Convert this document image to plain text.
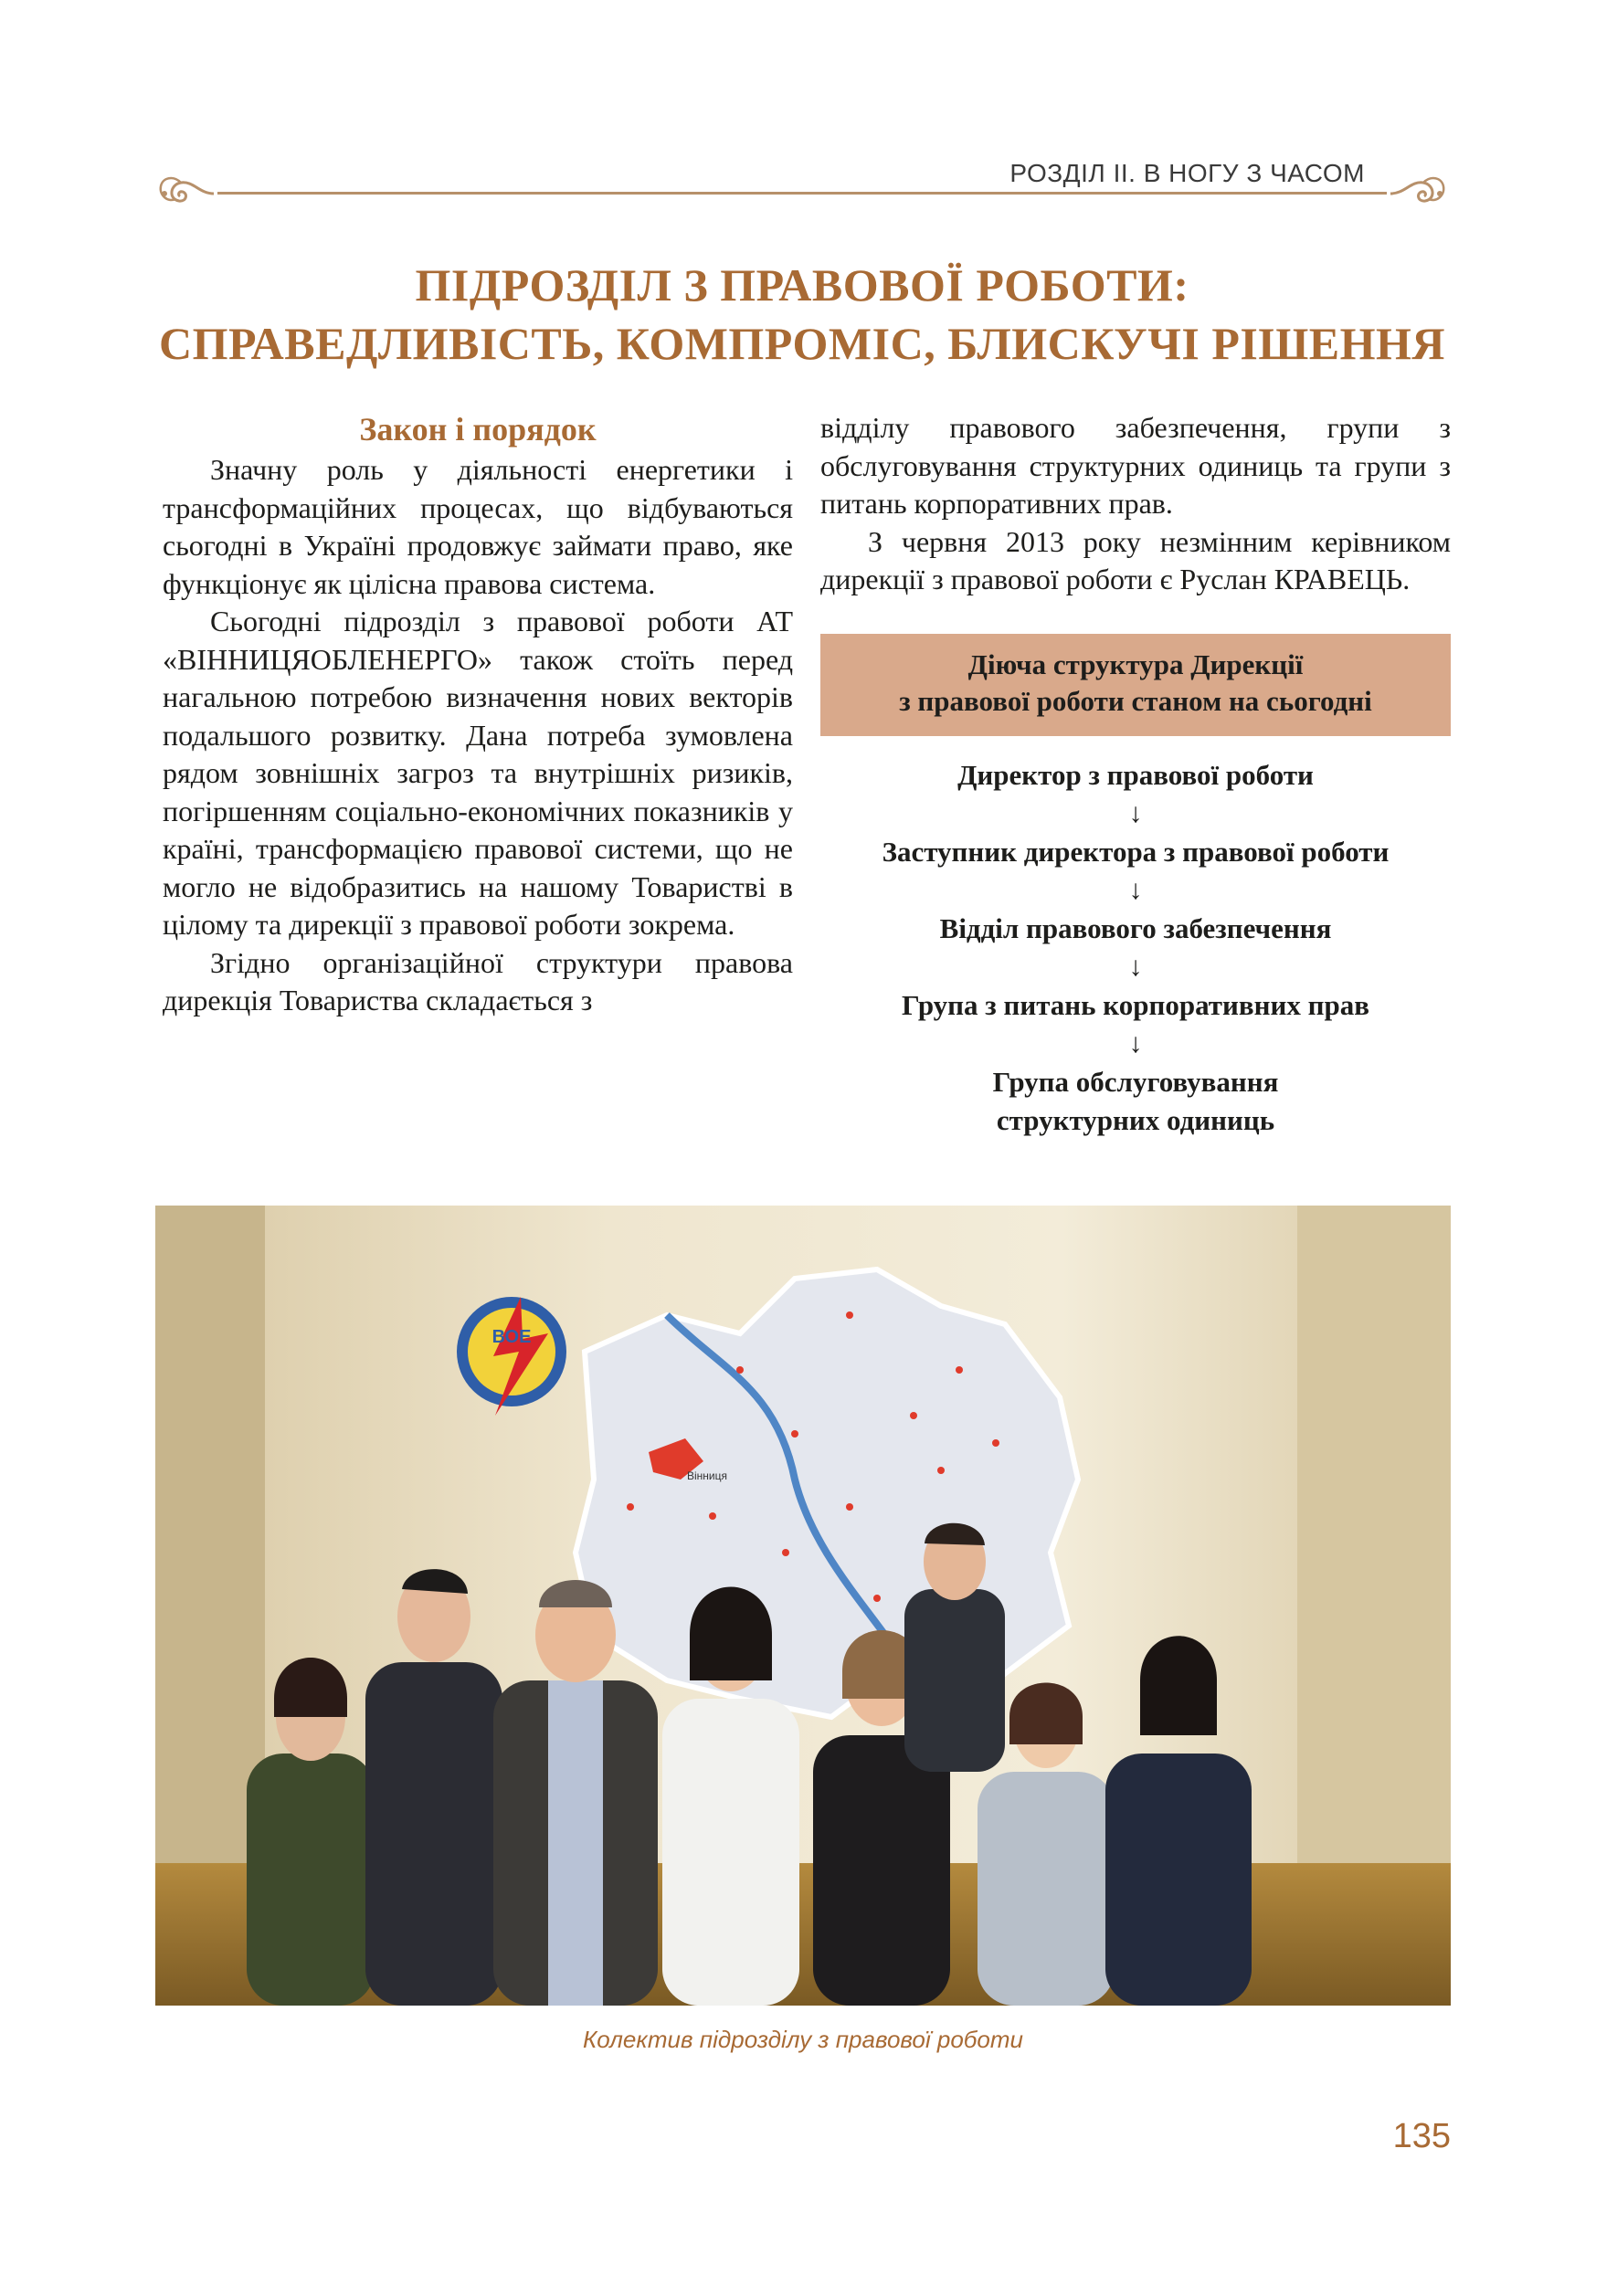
РОЗДІЛ ІІ. В НОГУ З ЧАСОМ
ПІДРОЗДІЛ З ПРАВОВОЇ РОБОТИ:
СПРАВЕДЛИВІСТЬ, КОМПРОМІС, БЛИСКУЧІ РІШЕННЯ
Закон і порядок

Значну роль у діяльності енергетики і трансформаційних процесах, що відбуваються сьогодні в Україні продовжує займати право, яке функціонує як цілісна правова система.

Сьогодні підрозділ з правової роботи АТ «ВІННИЦЯОБЛЕНЕРГО» також стоїть перед нагальною потребою визначення нових векторів подальшого розвитку. Дана потреба зумовлена рядом зовнішніх загроз та внутрішніх ризиків, погіршенням соціально-економічних показників у країні, трансформацією правової системи, що не могло не відобразитись на нашому Товаристві в цілому та дирекції з правової роботи зокрема.

Згідно організаційної структури правова дирекція Товариства складається з

відділу правового забезпечення, групи з обслуговування структурних одиниць та групи з питань корпоративних прав.

З червня 2013 року незмінним керівником дирекції з правової роботи є Руслан КРАВЕЦЬ.

Діюча структура Дирекції
з правової роботи станом на сьогодні
Директор з правової роботи
↓
Заступник директора з правової роботи
↓
Відділ правового забезпечення
↓
Група з питань корпоративних прав
↓
Група обслуговування структурних одиниць
Вінниця
ВОЕ
Колектив підрозділу з правової роботи
135
